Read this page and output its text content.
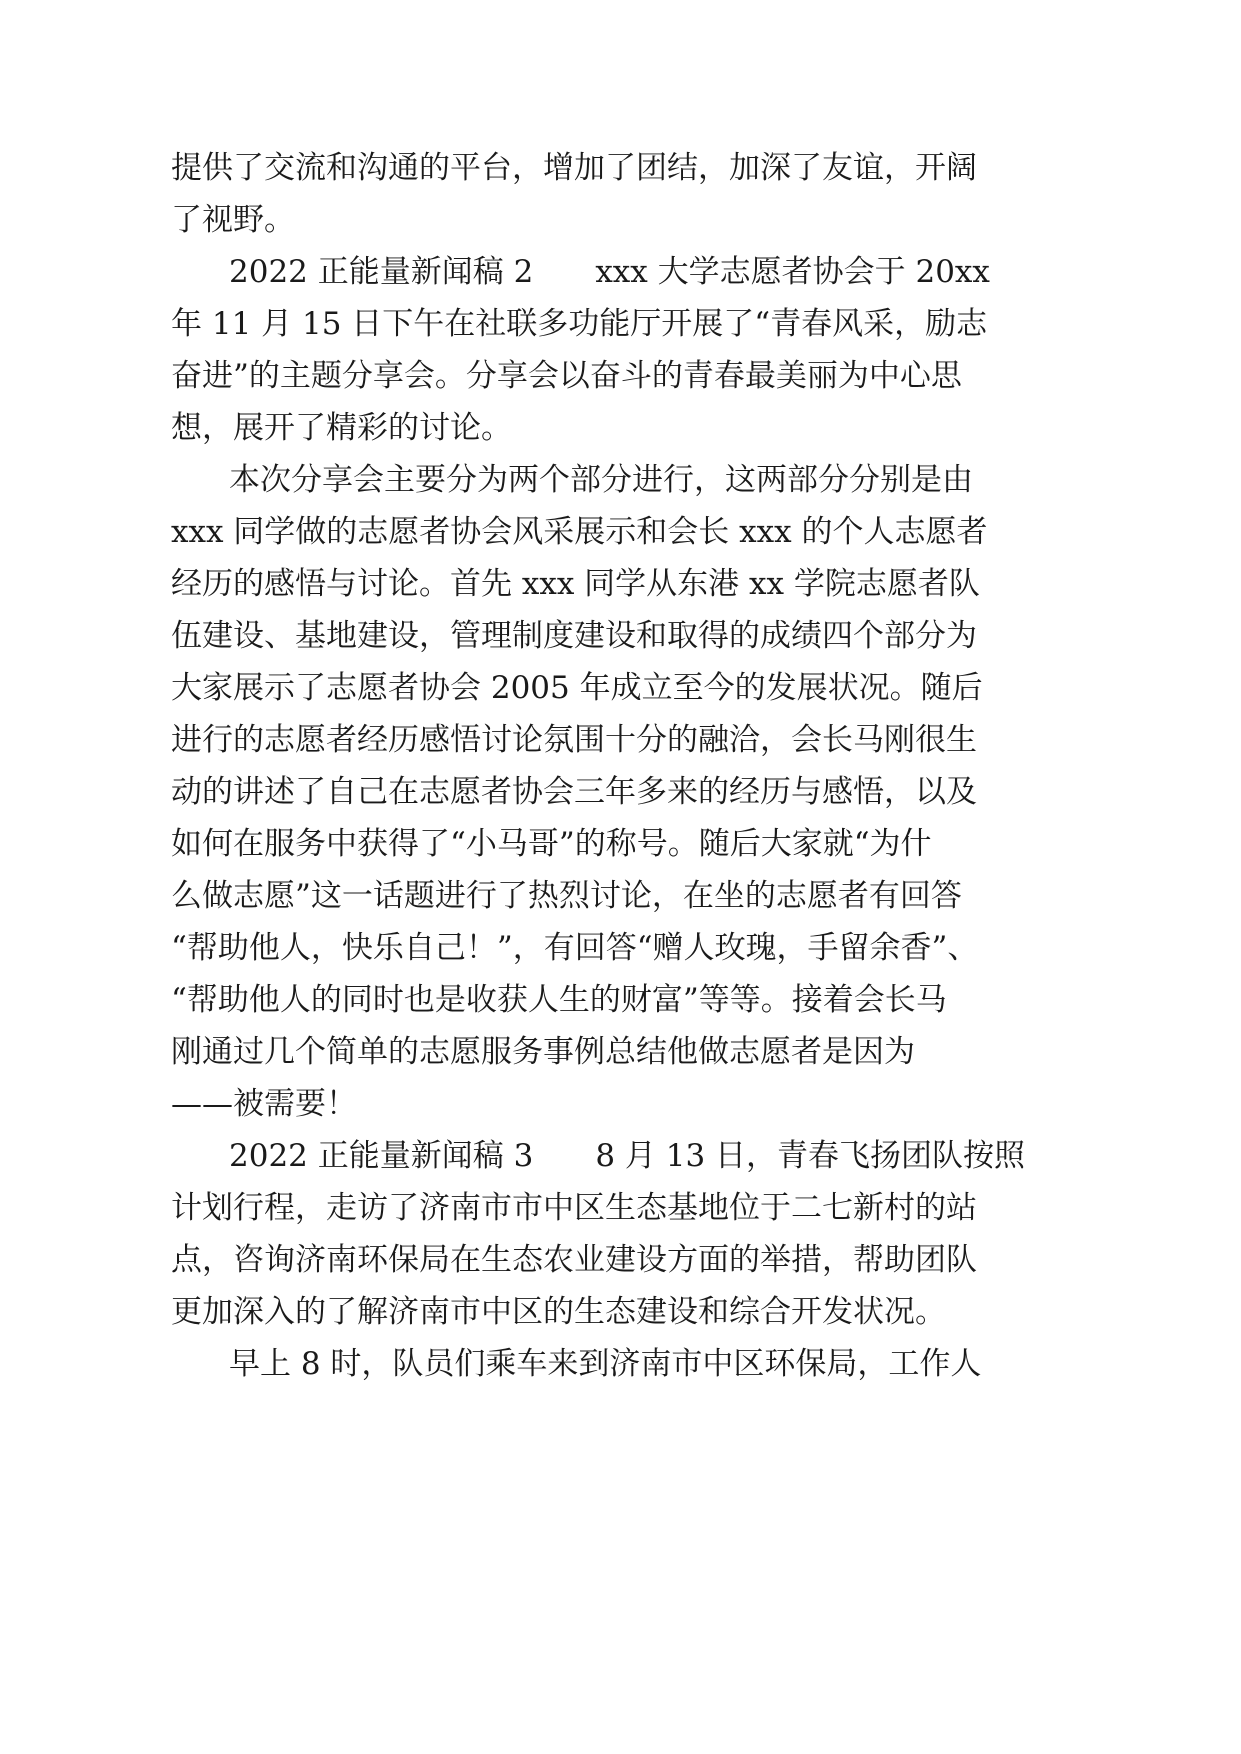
提供了交流和沟通的平台，增加了团结，加深了友谊，开阔
了视野。
2022 正能量新闻稿 2　　xxx 大学志愿者协会于 20xx
年 11 月 15 日下午在社联多功能厅开展了“青春风采，励志
奋进”的主题分享会。分享会以奋斗的青春最美丽为中心思
想，展开了精彩的讨论。
本次分享会主要分为两个部分进行，这两部分分别是由
xxx 同学做的志愿者协会风采展示和会长 xxx 的个人志愿者
经历的感悟与讨论。首先 xxx 同学从东港 xx 学院志愿者队
伍建设、基地建设，管理制度建设和取得的成绩四个部分为
大家展示了志愿者协会 2005 年成立至今的发展状况。随后
进行的志愿者经历感悟讨论氛围十分的融洽，会长马刚很生
动的讲述了自己在志愿者协会三年多来的经历与感悟，以及
如何在服务中获得了“小马哥”的称号。随后大家就“为什
么做志愿”这一话题进行了热烈讨论，在坐的志愿者有回答
“帮助他人，快乐自己！”，有回答“赠人玫瑰，手留余香”、
“帮助他人的同时也是收获人生的财富”等等。接着会长马
刚通过几个简单的志愿服务事例总结他做志愿者是因为
——被需要！
2022 正能量新闻稿 3　　8 月 13 日，青春飞扬团队按照
计划行程，走访了济南市市中区生态基地位于二七新村的站
点，咨询济南环保局在生态农业建设方面的举措，帮助团队
更加深入的了解济南市中区的生态建设和综合开发状况。
早上 8 时，队员们乘车来到济南市中区环保局，工作人
